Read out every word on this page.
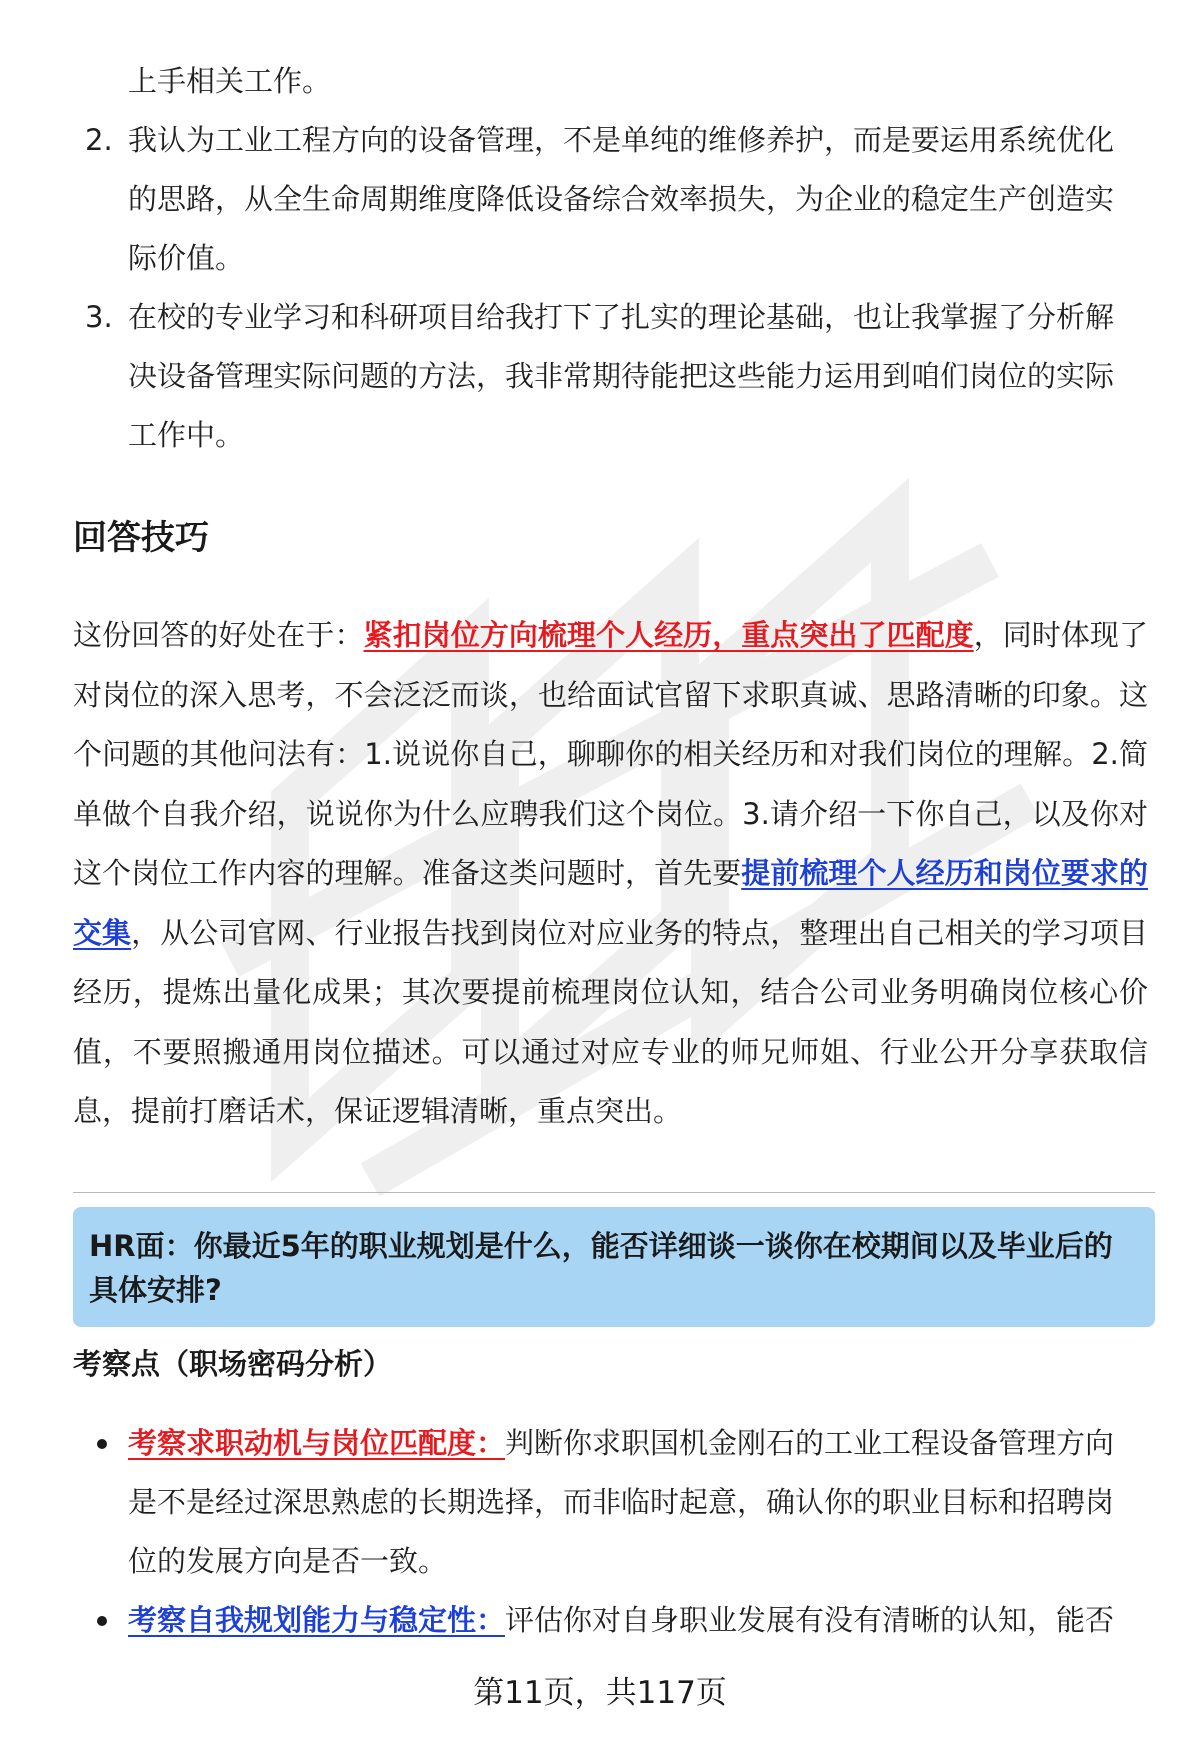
上手相关工作。
2. 我认为工业工程方向的设备管理，不是单纯的维修养护，而是要运用系统优化的思路，从全生命周期维度降低设备综合效率损失，为企业的稳定生产创造实际价值。
3. 在校的专业学习和科研项目给我打下了扎实的理论基础，也让我掌握了分析解决设备管理实际问题的方法，我非常期待能把这些能力运用到咱们岗位的实际工作中。
回答技巧
这份回答的好处在于：紧扣岗位方向梳理个人经历，重点突出了匹配度，同时体现了对岗位的深入思考，不会泛泛而谈，也给面试官留下求职真诚、思路清晰的印象。这个问题的其他问法有：1.说说你自己，聊聊你的相关经历和对我们岗位的理解。2.简单做个自我介绍，说说你为什么应聘我们这个岗位。3.请介绍一下你自己，以及你对这个岗位工作内容的理解。准备这类问题时，首先要提前梳理个人经历和岗位要求的交集，从公司官网、行业报告找到岗位对应业务的特点，整理出自己相关的学习项目经历，提炼出量化成果；其次要提前梳理岗位认知，结合公司业务明确岗位核心价值，不要照搬通用岗位描述。可以通过对应专业的师兄师姐、行业公开分享获取信息，提前打磨话术，保证逻辑清晰，重点突出。
HR面：你最近5年的职业规划是什么，能否详细谈一谈你在校期间以及毕业后的具体安排?
考察点（职场密码分析）
考察求职动机与岗位匹配度：判断你求职国机金刚石的工业工程设备管理方向是不是经过深思熟虑的长期选择，而非临时起意，确认你的职业目标和招聘岗位的发展方向是否一致。
考察自我规划能力与稳定性：评估你对自身职业发展有没有清晰的认知，能否
第11页，共117页
